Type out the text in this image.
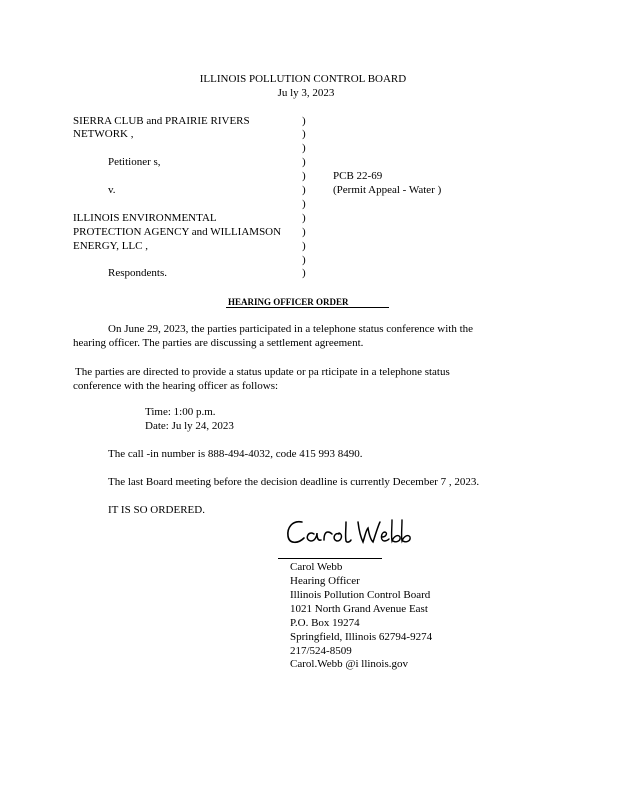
ILLINOIS POLLUTION CONTROL BOARD
Ju ly 3, 2023
SIERRA CLUB and PRAIRIE RIVERS
NETWORK ,
Petitioner s,
v.
ILLINOIS ENVIRONMENTAL
PROTECTION AGENCY and WILLIAMSON
ENERGY, LLC ,
Respondents.
)
)
)
)
)
)
)
)
)
)
)
)
PCB 22-69
(Permit Appeal - Water )
HEARING OFFICER ORDER
On June 29, 2023, the parties participated in a telephone status conference with the
hearing officer. The parties are discussing a settlement agreement.
The parties are directed to provide a status update or pa rticipate in a telephone status
conference with the hearing officer as follows:
Time: 1:00 p.m.
Date: Ju ly 24, 2023
The call -in number is 888-494-4032, code 415 993 8490.
The last Board meeting before the decision deadline is currently December 7 , 2023.
IT IS SO ORDERED.
Carol Webb
Hearing Officer
Illinois Pollution Control Board
1021 North Grand Avenue East
P.O. Box 19274
Springfield, Illinois 62794-9274
217/524-8509
Carol.Webb @i llinois.gov
